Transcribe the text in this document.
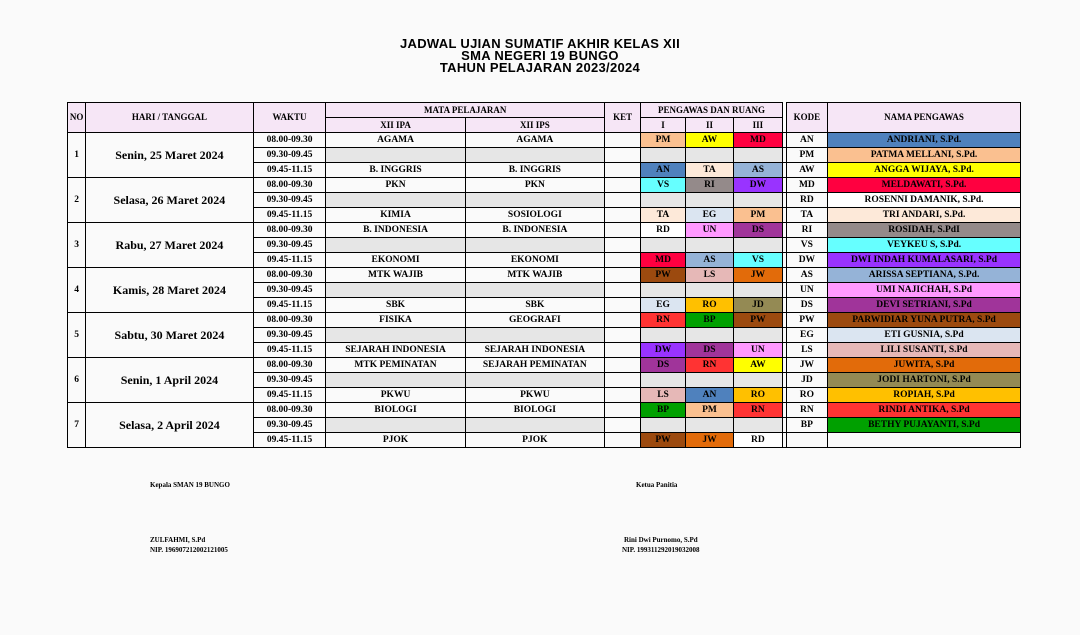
JADWAL UJIAN SUMATIF AKHIR KELAS XII
SMA NEGERI 19 BUNGO
TAHUN PELAJARAN 2023/2024
NO	HARI / TANGGAL	WAKTU	MATA PELAJARAN		KET	PENGAWAS DAN RUANG				KODE	NAMA PENGAWAS
			XII IPA	XII IPS		I	II	III			
1	Senin, 25 Maret 2024	08.00-09.30	AGAMA	AGAMA		PM	AW	MD		AN	ANDRIANI, S.Pd.
		09.30-09.45								PM	PATMA MELLANI, S.Pd.
		09.45-11.15	B. INGGRIS	B. INGGRIS		AN	TA	AS		AW	ANGGA WIJAYA, S.Pd.
2	Selasa, 26 Maret 2024	08.00-09.30	PKN	PKN		VS	RI	DW		MD	MELDAWATI, S.Pd.
		09.30-09.45								RD	ROSENNI DAMANIK, S.Pd.
		09.45-11.15	KIMIA	SOSIOLOGI		TA	EG	PM		TA	TRI ANDARI, S.Pd.
3	Rabu, 27 Maret 2024	08.00-09.30	B. INDONESIA	B. INDONESIA		RD	UN	DS		RI	ROSIDAH, S.PdI
		09.30-09.45								VS	VEYKEU S, S.Pd.
		09.45-11.15	EKONOMI	EKONOMI		MD	AS	VS		DW	DWI INDAH KUMALASARI, S.Pd
4	Kamis, 28 Maret 2024	08.00-09.30	MTK WAJIB	MTK WAJIB		PW	LS	JW		AS	ARISSA SEPTIANA, S.Pd.
		09.30-09.45								UN	UMI NAJICHAH, S.Pd
		09.45-11.15	SBK	SBK		EG	RO	JD		DS	DEVI SETRIANI, S.Pd
5	Sabtu, 30 Maret 2024	08.00-09.30	FISIKA	GEOGRAFI		RN	BP	PW		PW	PARWIDIAR YUNA PUTRA, S.Pd
		09.30-09.45								EG	ETI GUSNIA, S.Pd
		09.45-11.15	SEJARAH INDONESIA	SEJARAH INDONESIA		DW	DS	UN		LS	LILI SUSANTI, S.Pd
6	Senin, 1 April 2024	08.00-09.30	MTK PEMINATAN	SEJARAH PEMINATAN		DS	RN	AW		JW	JUWITA, S.Pd
		09.30-09.45								JD	JODI HARTONI, S.Pd
		09.45-11.15	PKWU	PKWU		LS	AN	RO		RO	ROPIAH, S.Pd
7	Selasa, 2 April 2024	08.00-09.30	BIOLOGI	BIOLOGI		BP	PM	RN		RN	RINDI ANTIKA, S.Pd
		09.30-09.45								BP	BETHY PUJAYANTI, S.Pd
		09.45-11.15	PJOK	PJOK		PW	JW	RD			
Kepala SMAN 19 BUNGO
ZULFAHMI, S.Pd
NIP. 196907212002121005
Ketua Panitia
Rini Dwi Purnomo, S.Pd
NIP. 199311292019032008
